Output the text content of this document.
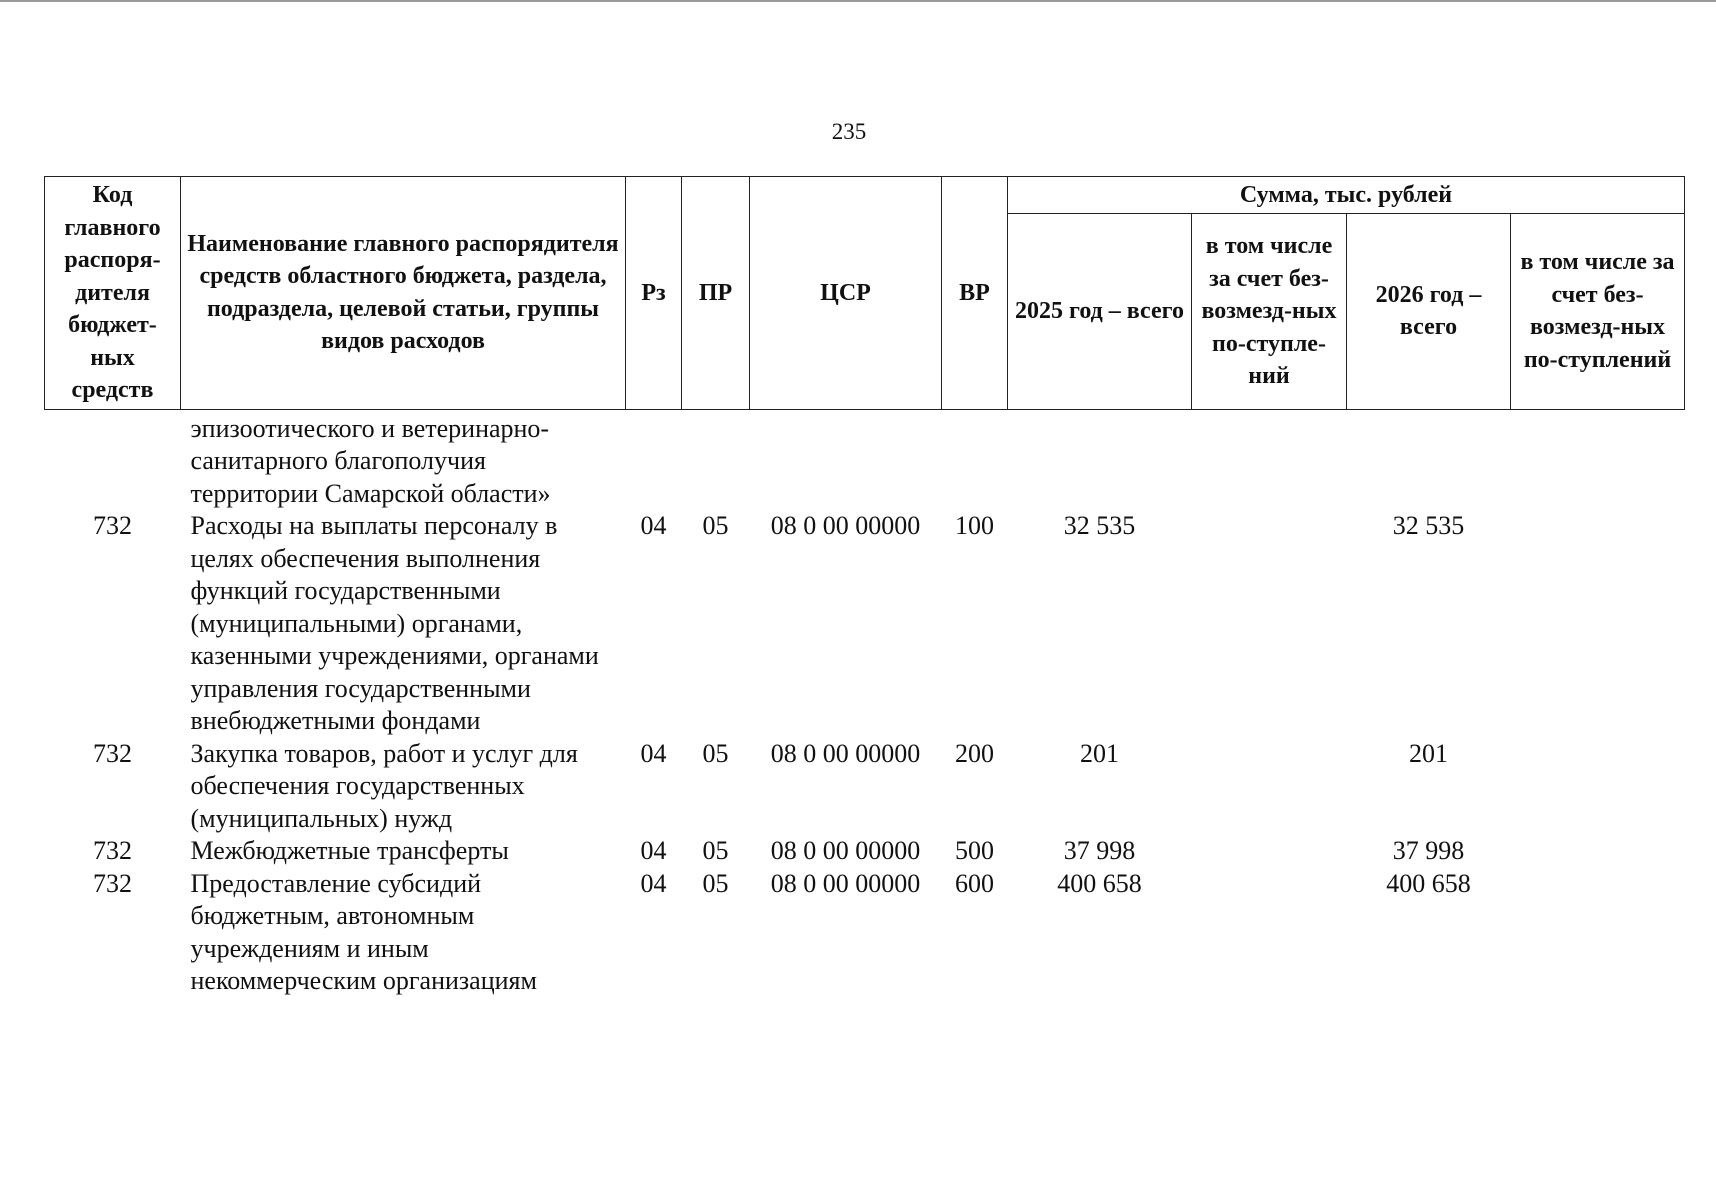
235
Код главного распоря-дителя бюджет-ных средств	Наименование главного распорядителя средств областного бюджета, раздела, подраздела, целевой статьи, группы видов расходов	Рз	ПР	ЦСР	ВР	Сумма, тыс. рублей			
						2025 год – всего	в том числе за счет без-возмезд-ных по-ступле-ний	2026 год – всего	в том числе за счет без-возмезд-ных по-ступлений
	эпизоотического и ветеринарно-санитарного благополучия территории Самарской области»								
732	Расходы на выплаты персоналу в целях обеспечения выполнения функций государственными (муниципальными) органами, казенными учреждениями, органами управления государственными внебюджетными фондами	04	05	08 0 00 00000	100	32 535		32 535	
732	Закупка товаров, работ и услуг для обеспечения государственных (муниципальных) нужд	04	05	08 0 00 00000	200	201		201	
732	Межбюджетные трансферты	04	05	08 0 00 00000	500	37 998		37 998	
732	Предоставление субсидий бюджетным, автономным учреждениям и иным некоммерческим организациям	04	05	08 0 00 00000	600	400 658		400 658	
